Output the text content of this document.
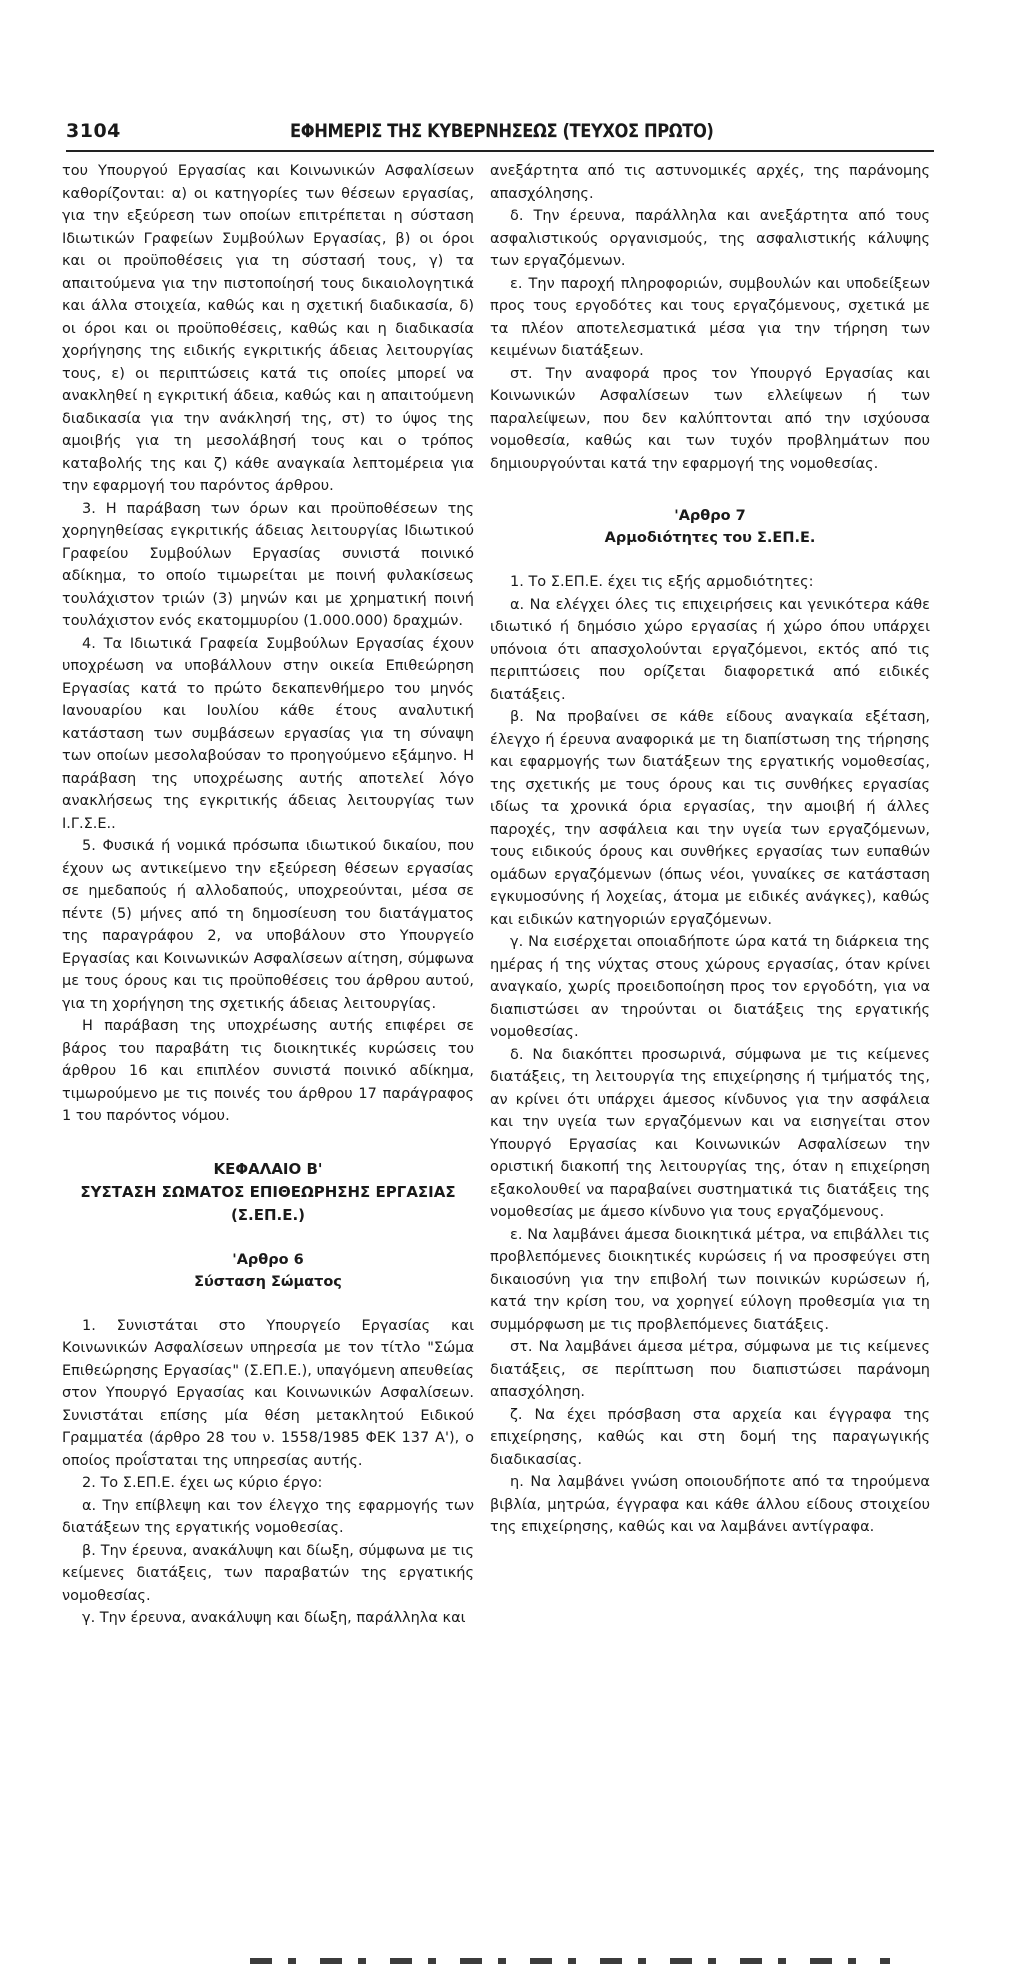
3104	ΕΦΗΜΕΡΙΣ ΤΗΣ ΚΥΒΕΡΝΗΣΕΩΣ (ΤΕΥΧΟΣ ΠΡΩΤΟ)

του Υπουργού Εργασίας και Κοινωνικών Ασφαλίσεων καθορίζονται: α) οι κατηγορίες των θέσεων εργασίας, για την εξεύρεση των οποίων επιτρέπεται η σύσταση Ιδιωτικών Γραφείων Συμβούλων Εργασίας, β) οι όροι και οι προϋποθέσεις για τη σύστασή τους, γ) τα απαιτούμενα για την πιστοποίησή τους δικαιολογητικά και άλλα στοιχεία, καθώς και η σχετική διαδικασία, δ) οι όροι και οι προϋποθέσεις, καθώς και η διαδικασία χορήγησης της ειδικής εγκριτικής άδειας λειτουργίας τους, ε) οι περιπτώσεις κατά τις οποίες μπορεί να ανακληθεί η εγκριτική άδεια, καθώς και η απαιτούμενη διαδικασία για την ανάκλησή της, στ) το ύψος της αμοιβής για τη μεσολάβησή τους και ο τρόπος καταβολής της και ζ) κάθε αναγκαία λεπτομέρεια για την εφαρμογή του παρόντος άρθρου.

3. Η παράβαση των όρων και προϋποθέσεων της χορηγηθείσας εγκριτικής άδειας λειτουργίας Ιδιωτικού Γραφείου Συμβούλων Εργασίας συνιστά ποινικό αδίκημα, το οποίο τιμωρείται με ποινή φυλακίσεως τουλάχιστον τριών (3) μηνών και με χρηματική ποινή τουλάχιστον ενός εκατομμυρίου (1.000.000) δραχμών.

4. Τα Ιδιωτικά Γραφεία Συμβούλων Εργασίας έχουν υποχρέωση να υποβάλλουν στην οικεία Επιθεώρηση Εργασίας κατά το πρώτο δεκαπενθήμερο του μηνός Ιανουαρίου και Ιουλίου κάθε έτους αναλυτική κατάσταση των συμβάσεων εργασίας για τη σύναψη των οποίων μεσολαβούσαν το προηγούμενο εξάμηνο. Η παράβαση της υποχρέωσης αυτής αποτελεί λόγο ανακλήσεως της εγκριτικής άδειας λειτουργίας των Ι.Γ.Σ.Ε..

5. Φυσικά ή νομικά πρόσωπα ιδιωτικού δικαίου, που έχουν ως αντικείμενο την εξεύρεση θέσεων εργασίας σε ημεδαπούς ή αλλοδαπούς, υποχρεούνται, μέσα σε πέντε (5) μήνες από τη δημοσίευση του διατάγματος της παραγράφου 2, να υποβάλουν στο Υπουργείο Εργασίας και Κοινωνικών Ασφαλίσεων αίτηση, σύμφωνα με τους όρους και τις προϋποθέσεις του άρθρου αυτού, για τη χορήγηση της σχετικής άδειας λειτουργίας.

Η παράβαση της υποχρέωσης αυτής επιφέρει σε βάρος του παραβάτη τις διοικητικές κυρώσεις του άρθρου 16 και επιπλέον συνιστά ποινικό αδίκημα, τιμωρούμενο με τις ποινές του άρθρου 17 παράγραφος 1 του παρόντος νόμου.

ΚΕΦΑΛΑΙΟ Β'

ΣΥΣΤΑΣΗ ΣΩΜΑΤΟΣ ΕΠΙΘΕΩΡΗΣΗΣ ΕΡΓΑΣΙΑΣ

(Σ.ΕΠ.Ε.)

'Αρθρο 6

Σύσταση Σώματος

1. Συνιστάται στο Υπουργείο Εργασίας και Κοινωνικών Ασφαλίσεων υπηρεσία με τον τίτλο "Σώμα Επιθεώρησης Εργασίας" (Σ.ΕΠ.Ε.), υπαγόμενη απευθείας στον Υπουργό Εργασίας και Κοινωνικών Ασφαλίσεων. Συνιστάται επίσης μία θέση μετακλητού Ειδικού Γραμματέα (άρθρο 28 του ν. 1558/1985 ΦΕΚ 137 Α'), ο οποίος προΐσταται της υπηρεσίας αυτής.

2. Το Σ.ΕΠ.Ε. έχει ως κύριο έργο:

α. Την επίβλεψη και τον έλεγχο της εφαρμογής των διατάξεων της εργατικής νομοθεσίας.

β. Την έρευνα, ανακάλυψη και δίωξη, σύμφωνα με τις κείμενες διατάξεις, των παραβατών της εργατικής νομοθεσίας.

γ. Την έρευνα, ανακάλυψη και δίωξη, παράλληλα και

ανεξάρτητα από τις αστυνομικές αρχές, της παράνομης απασχόλησης.

δ. Την έρευνα, παράλληλα και ανεξάρτητα από τους ασφαλιστικούς οργανισμούς, της ασφαλιστικής κάλυψης των εργαζόμενων.

ε. Την παροχή πληροφοριών, συμβουλών και υποδείξεων προς τους εργοδότες και τους εργαζόμενους, σχετικά με τα πλέον αποτελεσματικά μέσα για την τήρηση των κειμένων διατάξεων.

στ. Την αναφορά προς τον Υπουργό Εργασίας και Κοινωνικών Ασφαλίσεων των ελλείψεων ή των παραλείψεων, που δεν καλύπτονται από την ισχύουσα νομοθεσία, καθώς και των τυχόν προβλημάτων που δημιουργούνται κατά την εφαρμογή της νομοθεσίας.

'Αρθρο 7

Αρμοδιότητες του Σ.ΕΠ.Ε.

1. Το Σ.ΕΠ.Ε. έχει τις εξής αρμοδιότητες:

α. Να ελέγχει όλες τις επιχειρήσεις και γενικότερα κάθε ιδιωτικό ή δημόσιο χώρο εργασίας ή χώρο όπου υπάρχει υπόνοια ότι απασχολούνται εργαζόμενοι, εκτός από τις περιπτώσεις που ορίζεται διαφορετικά από ειδικές διατάξεις.

β. Να προβαίνει σε κάθε είδους αναγκαία εξέταση, έλεγχο ή έρευνα αναφορικά με τη διαπίστωση της τήρησης και εφαρμογής των διατάξεων της εργατικής νομοθεσίας, της σχετικής με τους όρους και τις συνθήκες εργασίας ιδίως τα χρονικά όρια εργασίας, την αμοιβή ή άλλες παροχές, την ασφάλεια και την υγεία των εργαζόμενων, τους ειδικούς όρους και συνθήκες εργασίας των ευπαθών ομάδων εργαζόμενων (όπως νέοι, γυναίκες σε κατάσταση εγκυμοσύνης ή λοχείας, άτομα με ειδικές ανάγκες), καθώς και ειδικών κατηγοριών εργαζόμενων.

γ. Να εισέρχεται οποιαδήποτε ώρα κατά τη διάρκεια της ημέρας ή της νύχτας στους χώρους εργασίας, όταν κρίνει αναγκαίο, χωρίς προειδοποίηση προς τον εργοδότη, για να διαπιστώσει αν τηρούνται οι διατάξεις της εργατικής νομοθεσίας.

δ. Να διακόπτει προσωρινά, σύμφωνα με τις κείμενες διατάξεις, τη λειτουργία της επιχείρησης ή τμήματός της, αν κρίνει ότι υπάρχει άμεσος κίνδυνος για την ασφάλεια και την υγεία των εργαζόμενων και να εισηγείται στον Υπουργό Εργασίας και Κοινωνικών Ασφαλίσεων την οριστική διακοπή της λειτουργίας της, όταν η επιχείρηση εξακολουθεί να παραβαίνει συστηματικά τις διατάξεις της νομοθεσίας με άμεσο κίνδυνο για τους εργαζόμενους.

ε. Να λαμβάνει άμεσα διοικητικά μέτρα, να επιβάλλει τις προβλεπόμενες διοικητικές κυρώσεις ή να προσφεύγει στη δικαιοσύνη για την επιβολή των ποινικών κυρώσεων ή, κατά την κρίση του, να χορηγεί εύλογη προθεσμία για τη συμμόρφωση με τις προβλεπόμενες διατάξεις.

στ. Να λαμβάνει άμεσα μέτρα, σύμφωνα με τις κείμενες διατάξεις, σε περίπτωση που διαπιστώσει παράνομη απασχόληση.

ζ. Να έχει πρόσβαση στα αρχεία και έγγραφα της επιχείρησης, καθώς και στη δομή της παραγωγικής διαδικασίας.

η. Να λαμβάνει γνώση οποιουδήποτε από τα τηρούμενα βιβλία, μητρώα, έγγραφα και κάθε άλλου είδους στοιχείου της επιχείρησης, καθώς και να λαμβάνει αντίγραφα.
